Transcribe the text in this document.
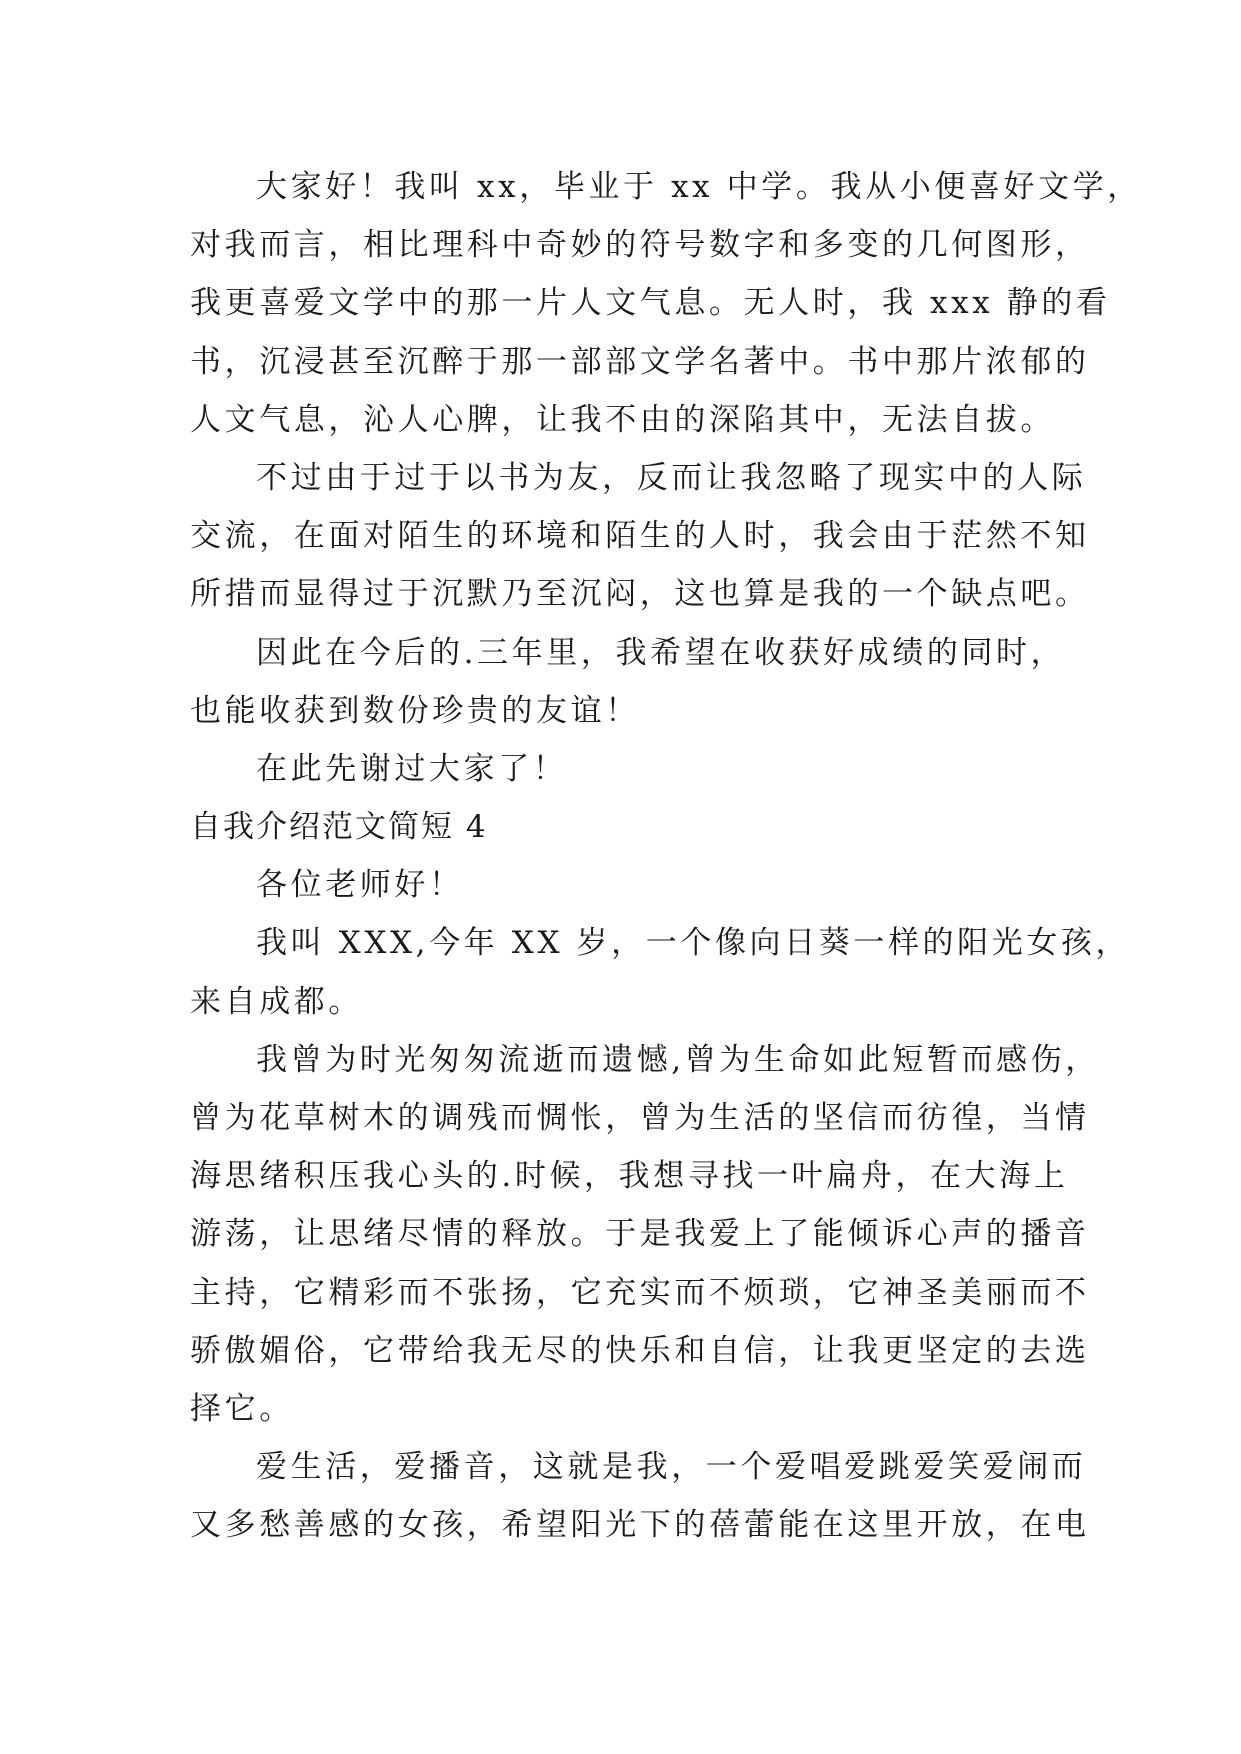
大家好！我叫 xx，毕业于 xx 中学。我从小便喜好文学，
对我而言，相比理科中奇妙的符号数字和多变的几何图形，
我更喜爱文学中的那一片人文气息。无人时，我 xxx 静的看
书，沉浸甚至沉醉于那一部部文学名著中。书中那片浓郁的
人文气息，沁人心脾，让我不由的深陷其中，无法自拔。
不过由于过于以书为友，反而让我忽略了现实中的人际
交流，在面对陌生的环境和陌生的人时，我会由于茫然不知
所措而显得过于沉默乃至沉闷，这也算是我的一个缺点吧。
因此在今后的.三年里，我希望在收获好成绩的同时，
也能收获到数份珍贵的友谊！
在此先谢过大家了！
自我介绍范文简短 4
各位老师好！
我叫 XXX,今年 XX 岁，一个像向日葵一样的阳光女孩，
来自成都。
我曾为时光匆匆流逝而遗憾,曾为生命如此短暂而感伤，
曾为花草树木的调残而惆怅，曾为生活的坚信而彷徨，当情
海思绪积压我心头的.时候，我想寻找一叶扁舟，在大海上
游荡，让思绪尽情的释放。于是我爱上了能倾诉心声的播音
主持，它精彩而不张扬，它充实而不烦琐，它神圣美丽而不
骄傲媚俗，它带给我无尽的快乐和自信，让我更坚定的去选
择它。
爱生活，爱播音，这就是我，一个爱唱爱跳爱笑爱闹而
又多愁善感的女孩，希望阳光下的蓓蕾能在这里开放，在电
